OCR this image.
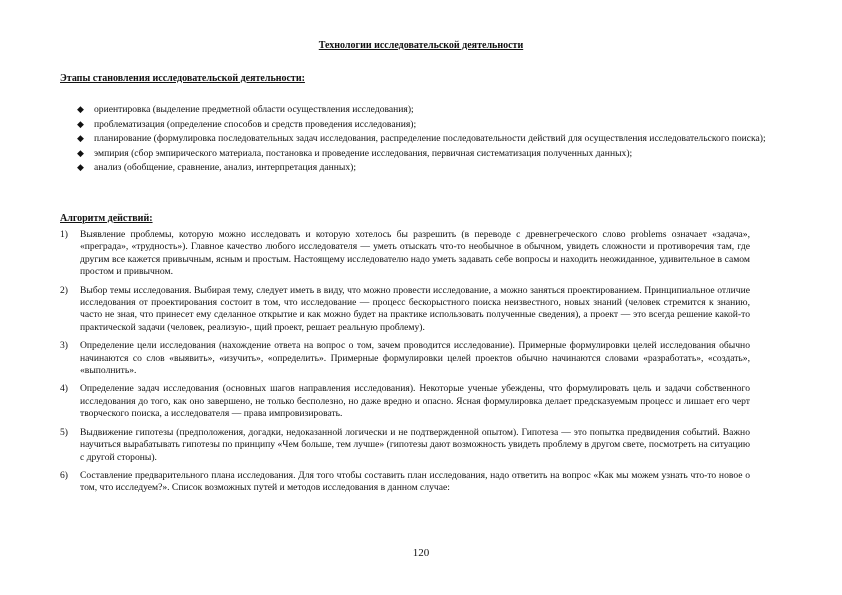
Технологии исследовательской деятельности
Этапы становления исследовательской деятельности:
◆ ориентировка (выделение предметной области осуществления исследования);
◆ проблематизация (определение способов и средств проведения исследования);
◆ планирование (формулировка последовательных задач исследования, распределение последовательности действий для осуществления исследовательского поиска);
◆ эмпирия (сбор эмпирического материала, постановка и проведение исследования, первичная систематизация полученных данных);
◆ анализ (обобщение, сравнение, анализ, интерпретация данных);
Алгоритм действий:
1) Выявление проблемы, которую можно исследовать и которую хотелось бы разрешить (в переводе с древнегреческого слово problems означает «задача», «преграда», «трудность»). Главное качество любого исследователя — уметь отыскать что-то необычное в обычном, увидеть сложности и противоречия там, где другим все кажется привычным, ясным и простым. Настоящему исследователю надо уметь задавать себе вопросы и находить неожиданное, удивительное в самом простом и привычном.
2) Выбор темы исследования. Выбирая тему, следует иметь в виду, что можно провести исследование, а можно заняться проектированием. Принципиальное отличие исследования от проектирования состоит в том, что исследование — процесс бескорыстного поиска неизвестного, новых знаний (человек стремится к знанию, часто не зная, что принесет ему сделанное открытие и как можно будет на практике использовать полученные сведения), а проект — это всегда решение какой-то практической задачи (человек, реализую-, щий проект, решает реальную проблему).
3) Определение цели исследования (нахождение ответа на вопрос о том, зачем проводится исследование). Примерные формулировки целей исследования обычно начинаются со слов «выявить», «изучить», «определить». Примерные формулировки целей проектов обычно начинаются словами «разработать», «создать», «выполнить».
4) Определение задач исследования (основных шагов направления исследования). Некоторые ученые убеждены, что формулировать цель и задачи собственного исследования до того, как оно завершено, не только бесполезно, но даже вредно и опасно. Ясная формулировка делает предсказуемым процесс и лишает его черт творческого поиска, а исследователя — права импровизировать.
5) Выдвижение гипотезы (предположения, догадки, недоказанной логически и не подтвержденной опытом). Гипотеза — это попытка предвидения событий. Важно научиться вырабатывать гипотезы по принципу «Чем больше, тем лучше» (гипотезы дают возможность увидеть проблему в другом свете, посмотреть на ситуацию с другой стороны).
6) Составление предварительного плана исследования. Для того чтобы составить план исследования, надо ответить на вопрос «Как мы можем узнать что-то новое о том, что исследуем?». Список возможных путей и методов исследования в данном случае:
120
